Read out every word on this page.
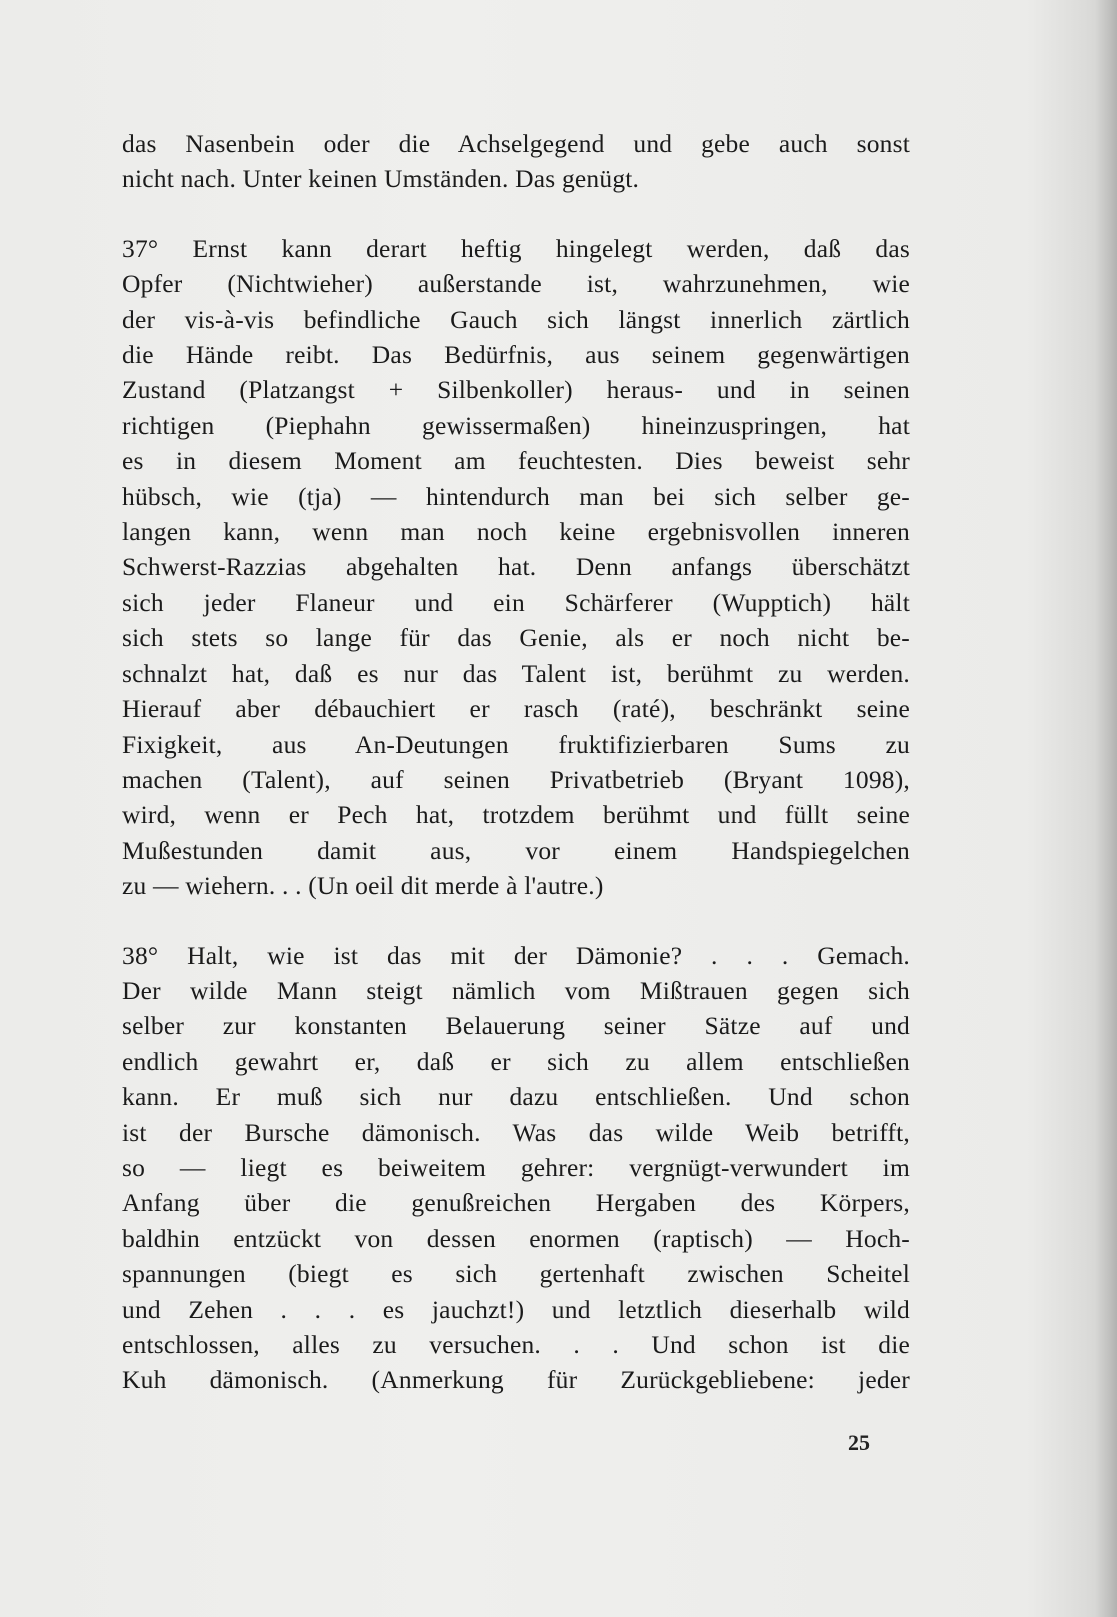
das Nasenbein oder die Achselgegend und gebe auch sonst
nicht nach. Unter keinen Umständen. Das genügt.
37° Ernst kann derart heftig hingelegt werden, daß das
Opfer (Nichtwieher) außerstande ist, wahrzunehmen, wie
der vis-à-vis befindliche Gauch sich längst innerlich zärtlich
die Hände reibt. Das Bedürfnis, aus seinem gegenwärtigen
Zustand (Platzangst + Silbenkoller) heraus- und in seinen
richtigen (Piephahn gewissermaßen) hineinzuspringen, hat
es in diesem Moment am feuchtesten. Dies beweist sehr
hübsch, wie (tja) — hintendurch man bei sich selber ge-
langen kann, wenn man noch keine ergebnisvollen inneren
Schwerst-Razzias abgehalten hat. Denn anfangs überschätzt
sich jeder Flaneur und ein Schärferer (Wupptich) hält
sich stets so lange für das Genie, als er noch nicht be-
schnalzt hat, daß es nur das Talent ist, berühmt zu werden.
Hierauf aber débauchiert er rasch (raté), beschränkt seine
Fixigkeit, aus An-Deutungen fruktifizierbaren Sums zu
machen (Talent), auf seinen Privatbetrieb (Bryant 1098),
wird, wenn er Pech hat, trotzdem berühmt und füllt seine
Mußestunden damit aus, vor einem Handspiegelchen
zu — wiehern. . . (Un oeil dit merde à l'autre.)
38° Halt, wie ist das mit der Dämonie? . . . Gemach.
Der wilde Mann steigt nämlich vom Mißtrauen gegen sich
selber zur konstanten Belauerung seiner Sätze auf und
endlich gewahrt er, daß er sich zu allem entschließen
kann. Er muß sich nur dazu entschließen. Und schon
ist der Bursche dämonisch. Was das wilde Weib betrifft,
so — liegt es beiweitem gehrer: vergnügt-verwundert im
Anfang über die genußreichen Hergaben des Körpers,
baldhin entzückt von dessen enormen (raptisch) — Hoch-
spannungen (biegt es sich gertenhaft zwischen Scheitel
und Zehen . . . es jauchzt!) und letztlich dieserhalb wild
entschlossen, alles zu versuchen. . . Und schon ist die
Kuh dämonisch. (Anmerkung für Zurückgebliebene: jeder
25
